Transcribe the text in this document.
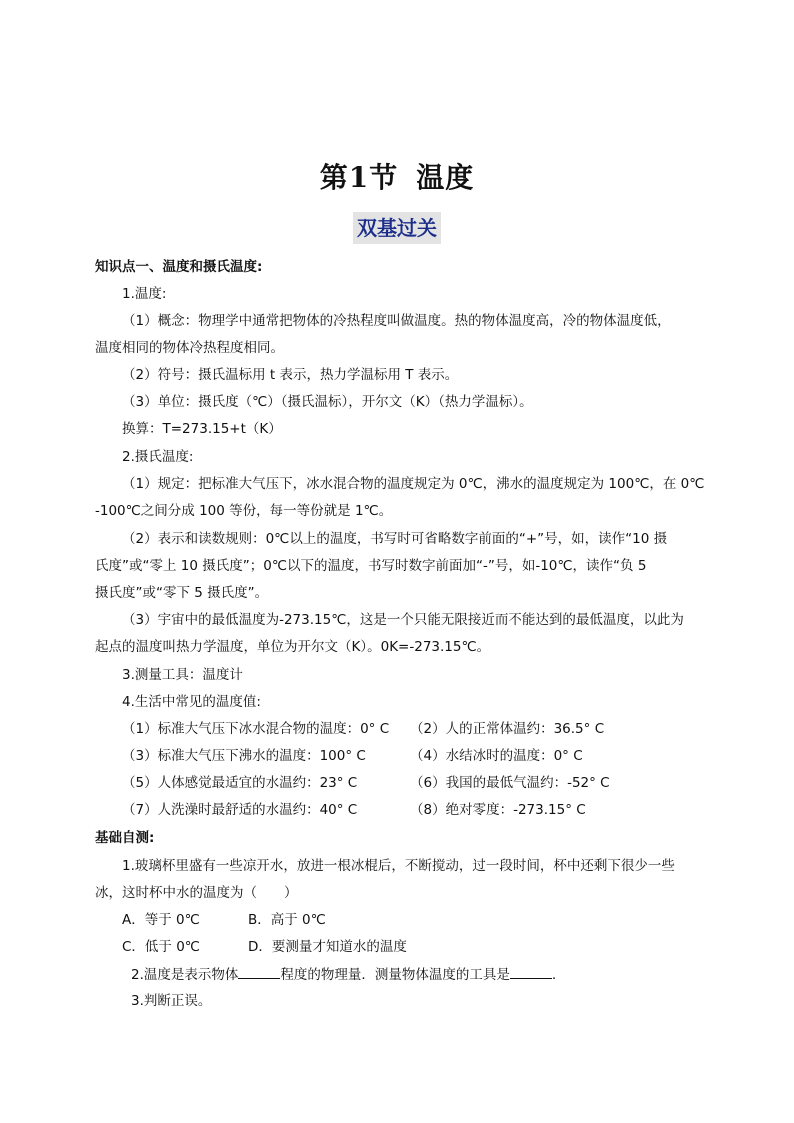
第1节 温度
双基过关
知识点一、温度和摄氏温度:
1.温度:
（1）概念：物理学中通常把物体的冷热程度叫做温度。热的物体温度高，冷的物体温度低，
温度相同的物体冷热程度相同。
（2）符号：摄氏温标用 t 表示，热力学温标用 T 表示。
（3）单位：摄氏度（℃）（摄氏温标），开尔文（K）（热力学温标）。
换算：T=273.15+t（K）
2.摄氏温度:
（1）规定：把标准大气压下，冰水混合物的温度规定为 0℃，沸水的温度规定为 100℃，在 0℃
-100℃之间分成 100 等份，每一等份就是 1℃。
（2）表示和读数规则：0℃以上的温度，书写时可省略数字前面的“+”号，如，读作“10 摄
氏度”或“零上 10 摄氏度”；0℃以下的温度，书写时数字前面加“-”号，如-10℃，读作“负 5
摄氏度”或“零下 5 摄氏度”。
（3）宇宙中的最低温度为-273.15℃，这是一个只能无限接近而不能达到的最低温度，以此为
起点的温度叫热力学温度，单位为开尔文（K）。0K=-273.15℃。
3.测量工具：温度计
4.生活中常见的温度值:
（1）标准大气压下冰水混合物的温度：0° C （2）人的正常体温约：36.5° C
（3）标准大气压下沸水的温度：100° C	（4）水结冰时的温度：0° C
（5）人体感觉最适宜的水温约：23° C	（6）我国的最低气温约：-52° C
（7）人洗澡时最舒适的水温约：40° C	（8）绝对零度：-273.15° C
基础自测:
1.玻璃杯里盛有一些凉开水，放进一根冰棍后，不断搅动，过一段时间，杯中还剩下很少一些
冰，这时杯中水的温度为（　　）
A．等于 0℃	B．高于 0℃
C．低于 0℃	D．要测量才知道水的温度
2.温度是表示物体	程度的物理量．测量物体温度的工具是	.
3.判断正误。
